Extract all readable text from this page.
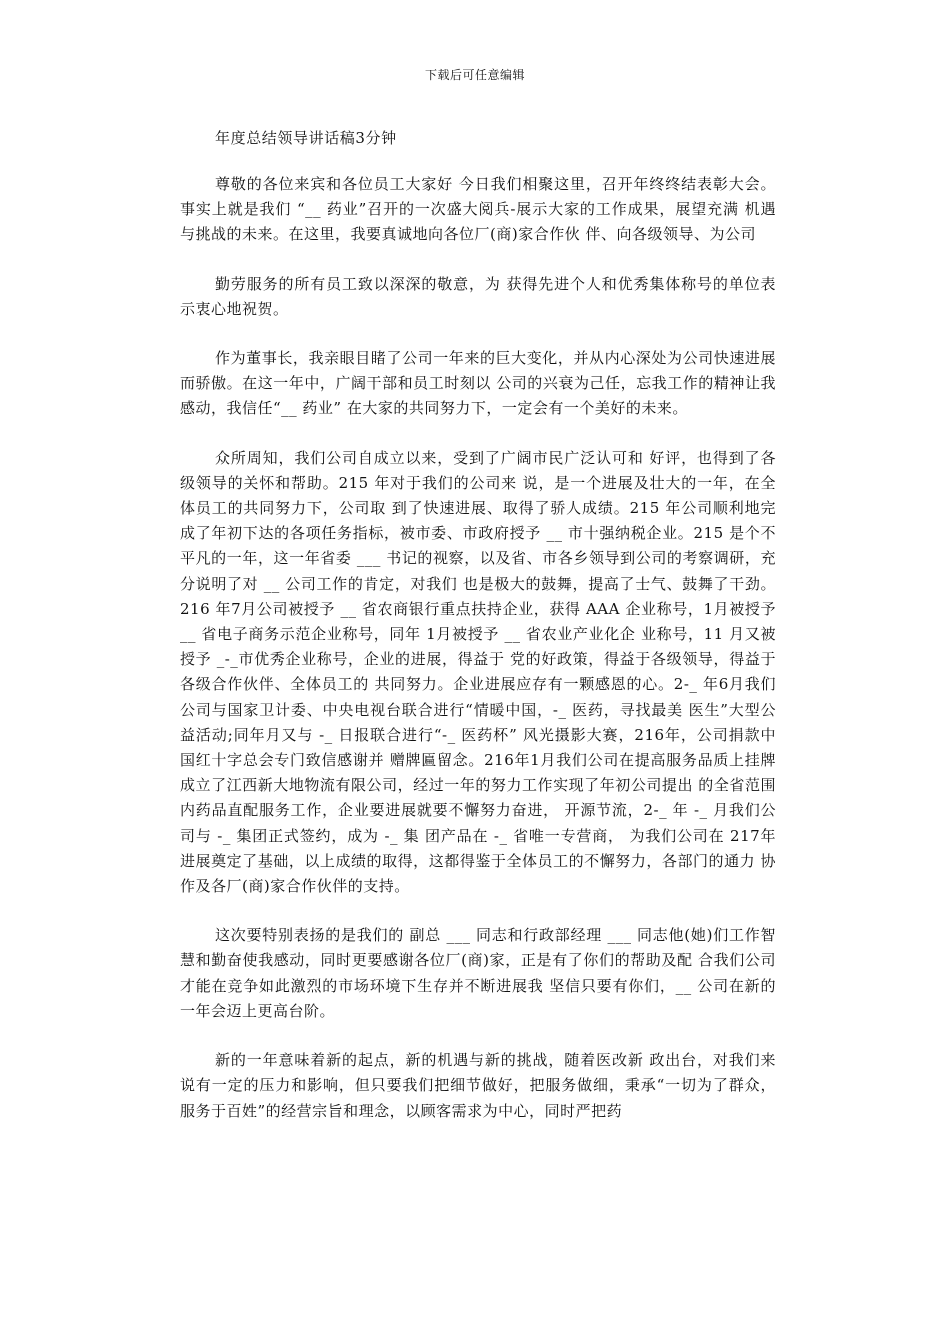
下载后可任意编辑
年度总结领导讲话稿3分钟

尊敬的各位来宾和各位员工大家好 今日我们相聚这里，召开年终终结表彰大会。事实上就是我们 “__ 药业”召开的一次盛大阅兵-展示大家的工作成果，展望充满 机遇与挑战的未来。在这里，我要真诚地向各位厂(商)家合作伙 伴、向各级领导、为公司

勤劳服务的所有员工致以深深的敬意，为 获得先进个人和优秀集体称号的单位表示衷心地祝贺。

作为董事长，我亲眼目睹了公司一年来的巨大变化，并从内心深处为公司快速进展而骄傲。在这一年中，广阔干部和员工时刻以 公司的兴衰为己任，忘我工作的精神让我感动，我信任“__ 药业” 在大家的共同努力下，一定会有一个美好的未来。

众所周知，我们公司自成立以来，受到了广阔市民广泛认可和 好评，也得到了各级领导的关怀和帮助。215 年对于我们的公司来 说，是一个进展及壮大的一年，在全体员工的共同努力下，公司取 到了快速进展、取得了骄人成绩。215 年公司顺利地完成了年初下达的各项任务指标，被市委、市政府授予 __ 市十强纳税企业。215 是个不平凡的一年，这一年省委 ___ 书记的视察，以及省、市各乡领导到公司的考察调研，充分说明了对 __ 公司工作的肯定，对我们 也是极大的鼓舞，提高了士气、鼓舞了干劲。216 年7月公司被授予 __ 省农商银行重点扶持企业，获得 AAA 企业称号，1月被授予 __ 省电子商务示范企业称号，同年 1月被授予 __ 省农业产业化企 业称号，11 月又被授予 _-_市优秀企业称号，企业的进展，得益于 党的好政策，得益于各级领导，得益于各级合作伙伴、全体员工的 共同努力。企业进展应存有一颗感恩的心。2-_ 年6月我们公司与国家卫计委、中央电视台联合进行“情暖中国，-_ 医药，寻找最美 医生”大型公益活动;同年月又与 -_ 日报联合进行“-_ 医药杯” 风光摄影大赛，216年，公司捐款中国红十字总会专门致信感谢并 赠牌匾留念。216年1月我们公司在提高服务品质上挂牌成立了江西新大地物流有限公司，经过一年的努力工作实现了年初公司提出 的全省范围内药品直配服务工作，企业要进展就要不懈努力奋进， 开源节流，2-_ 年 -_ 月我们公司与 -_ 集团正式签约，成为 -_ 集 团产品在 -_ 省唯一专营商， 为我们公司在 217年进展奠定了基础，以上成绩的取得，这都得鉴于全体员工的不懈努力，各部门的通力 协作及各厂(商)家合作伙伴的支持。

这次要特别表扬的是我们的 副总 ___ 同志和行政部经理 ___ 同志他(她)们工作智慧和勤奋使我感动，同时更要感谢各位厂(商)家，正是有了你们的帮助及配 合我们公司才能在竞争如此激烈的市场环境下生存并不断进展我 坚信只要有你们，__ 公司在新的一年会迈上更高台阶。

新的一年意味着新的起点，新的机遇与新的挑战，随着医改新 政出台，对我们来说有一定的压力和影响，但只要我们把细节做好，把服务做细，秉承“一切为了群众，服务于百姓”的经营宗旨和理念，以顾客需求为中心，同时严把药
